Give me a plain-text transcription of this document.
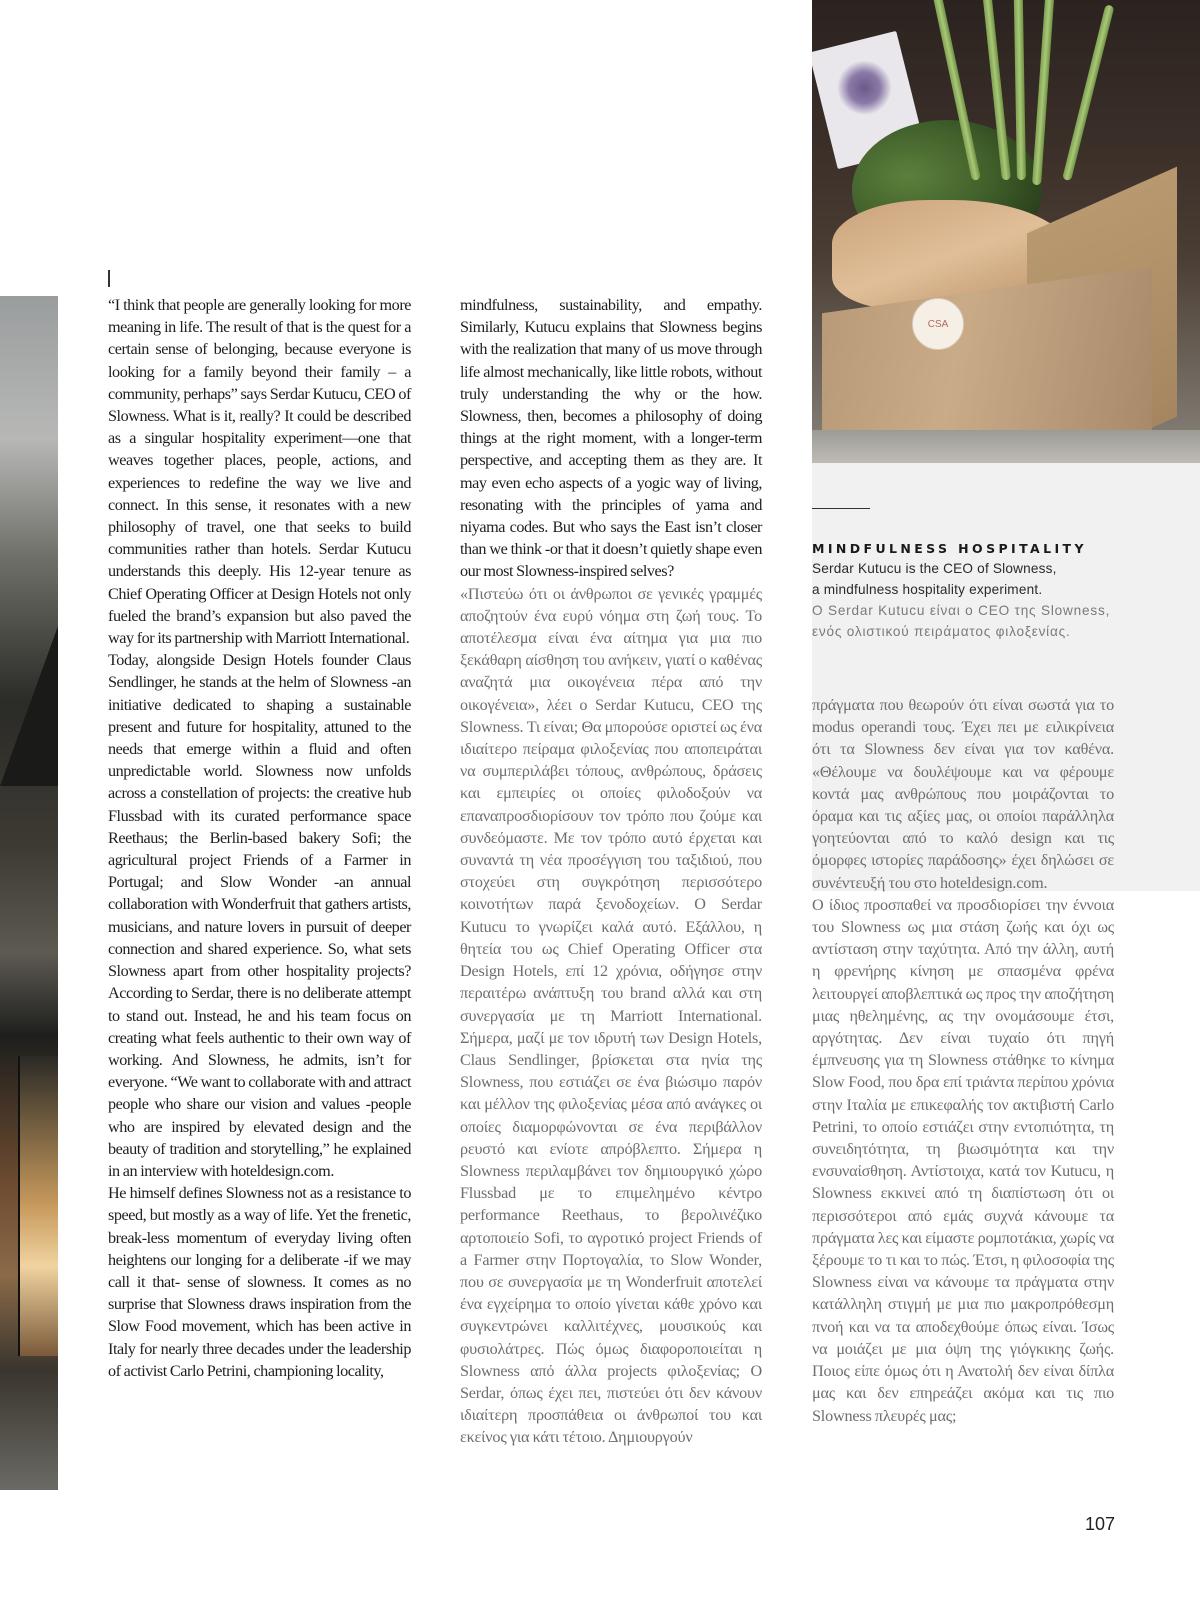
CSA

“I think that people are generally looking for more meaning in life. The result of that is the quest for a certain sense of belonging, because everyone is looking for a family beyond their family – a community, perhaps” says Serdar Kutucu, CEO of Slowness. What is it, really? It could be described as a singular hospitality experiment—one that weaves together places, people, actions, and experiences to redefine the way we live and connect. In this sense, it resonates with a new philosophy of travel, one that seeks to build communities rather than hotels. Serdar Kutucu understands this deeply. His 12-year tenure as Chief Operating Officer at Design Hotels not only fueled the brand’s expansion but also paved the way for its partnership with Marriott International.

Today, alongside Design Hotels founder Claus Sendlinger, he stands at the helm of Slowness -an initiative dedicated to shaping a sustainable present and future for hospitality, attuned to the needs that emerge within a fluid and often unpredictable world. Slowness now unfolds across a constellation of projects: the creative hub Flussbad with its curated performance space Reethaus; the Berlin-based bakery Sofi; the agricultural project Friends of a Farmer in Portugal; and Slow Wonder -an annual collaboration with Wonderfruit that gathers artists, musicians, and nature lovers in pursuit of deeper connection and shared experience. So, what sets Slowness apart from other hospitality projects? According to Serdar, there is no deliberate attempt to stand out. Instead, he and his team focus on creating what feels authentic to their own way of working. And Slowness, he admits, isn’t for everyone. “We want to collaborate with and attract people who share our vision and values -people who are inspired by elevated design and the beauty of tradition and storytelling,” he explained in an interview with hoteldesign.com.

He himself defines Slowness not as a resistance to speed, but mostly as a way of life. Yet the frenetic, break-less momentum of everyday living often heightens our longing for a deliberate -if we may call it that- sense of slowness. It comes as no surprise that Slowness draws inspiration from the Slow Food movement, which has been active in Italy for nearly three decades under the leadership of activist Carlo Petrini, championing locality,

mindfulness, sustainability, and empathy. Similarly, Kutucu explains that Slowness begins with the realization that many of us move through life almost mechanically, like little robots, without truly understanding the why or the how. Slowness, then, becomes a philosophy of doing things at the right moment, with a longer-term perspective, and accepting them as they are. It may even echo aspects of a yogic way of living, resonating with the principles of yama and niyama codes. But who says the East isn’t closer than we think -or that it doesn’t quietly shape even our most Slowness-inspired selves?

«Πιστεύω ότι οι άνθρωποι σε γενικές γραμμές αποζητούν ένα ευρύ νόημα στη ζωή τους. Το αποτέλεσμα είναι ένα αίτημα για μια πιο ξεκάθαρη αίσθηση του ανήκειν, γιατί ο καθένας αναζητά μια οικογένεια πέρα από την οικογένεια», λέει ο Serdar Kutucu, CEO της Slowness. Τι είναι; Θα μπορούσε οριστεί ως ένα ιδιαίτερο πείραμα φιλοξενίας που αποπειράται να συμπεριλάβει τόπους, ανθρώπους, δράσεις και εμπειρίες οι οποίες φιλοδοξούν να επαναπροσδιορίσουν τον τρόπο που ζούμε και συνδεόμαστε. Με τον τρόπο αυτό έρχεται και συναντά τη νέα προσέγγιση του ταξιδιού, που στοχεύει στη συγκρότηση περισσότερο κοινοτήτων παρά ξενοδοχείων. Ο Serdar Kutucu το γνωρίζει καλά αυτό. Εξάλλου, η θητεία του ως Chief Operating Officer στα Design Hotels, επί 12 χρόνια, οδήγησε στην περαιτέρω ανάπτυξη του brand αλλά και στη συνεργασία με τη Marriott International. Σήμερα, μαζί με τον ιδρυτή των Design Hotels, Claus Sendlinger, βρίσκεται στα ηνία της Slowness, που εστιάζει σε ένα βιώσιμο παρόν και μέλλον της φιλοξενίας μέσα από ανάγκες οι οποίες διαμορφώνονται σε ένα περιβάλλον ρευστό και ενίοτε απρόβλεπτο. Σήμερα η Slowness περιλαμβάνει τον δημιουργικό χώρο Flussbad με το επιμελημένο κέντρο performance Reethaus, το βερολινέζικο αρτοποιείο Sofi, το αγροτικό project Friends of a Farmer στην Πορτογαλία, το Slow Wonder, που σε συνεργασία με τη Wonderfruit αποτελεί ένα εγχείρημα το οποίο γίνεται κάθε χρόνο και συγκεντρώνει καλλιτέχνες, μουσικούς και φυσιολάτρες. Πώς όμως διαφοροποιείται η Slowness από άλλα projects φιλοξενίας; Ο Serdar, όπως έχει πει, πιστεύει ότι δεν κάνουν ιδιαίτερη προσπάθεια οι άνθρωποί του και εκείνος για κάτι τέτοιο. Δημιουργούν

MINDFULNESS HOSPITALITY
Serdar Kutucu is the CEO of Slowness,
a mindfulness hospitality experiment.
Ο Serdar Kutucu είναι ο CEO της Slowness,
ενός ολιστικού πειράματος φιλοξενίας.

πράγματα που θεωρούν ότι είναι σωστά για το modus operandi τους. Έχει πει με ειλικρίνεια ότι τα Slowness δεν είναι για τον καθένα. «Θέλουμε να δουλέψουμε και να φέρουμε κοντά μας ανθρώπους που μοιράζονται το όραμα και τις αξίες μας, οι οποίοι παράλληλα γοητεύονται από το καλό design και τις όμορφες ιστορίες παράδοσης» έχει δηλώσει σε συνέντευξή του στο hoteldesign.com.

Ο ίδιος προσπαθεί να προσδιορίσει την έννοια του Slowness ως μια στάση ζωής και όχι ως αντίσταση στην ταχύτητα. Από την άλλη, αυτή η φρενήρης κίνηση με σπασμένα φρένα λειτουργεί αποβλεπτικά ως προς την αποζήτηση μιας ηθελημένης, ας την ονομάσουμε έτσι, αργότητας. Δεν είναι τυχαίο ότι πηγή έμπνευσης για τη Slowness στάθηκε το κίνημα Slow Food, που δρα επί τριάντα περίπου χρόνια στην Ιταλία με επικεφαλής τον ακτιβιστή Carlo Petrini, το οποίο εστιάζει στην εντοπιότητα, τη συνειδητότητα, τη βιωσιμότητα και την ενσυναίσθηση. Αντίστοιχα, κατά τον Kutucu, η Slowness εκκινεί από τη διαπίστωση ότι οι περισσότεροι από εμάς συχνά κάνουμε τα πράγματα λες και είμαστε ρομποτάκια, χωρίς να ξέρουμε το τι και το πώς. Έτσι, η φιλοσοφία της Slowness είναι να κάνουμε τα πράγματα στην κατάλληλη στιγμή με μια πιο μακροπρόθεσμη πνοή και να τα αποδεχθούμε όπως είναι. Ίσως να μοιάζει με μια όψη της γιόγκικης ζωής. Ποιος είπε όμως ότι η Ανατολή δεν είναι δίπλα μας και δεν επηρεάζει ακόμα και τις πιο Slowness πλευρές μας;

107
